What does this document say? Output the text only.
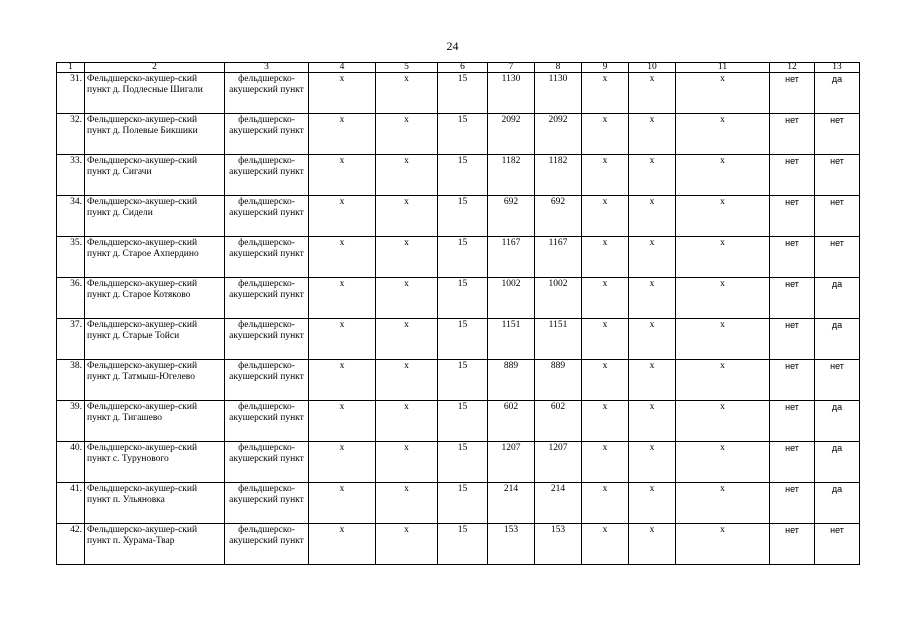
24
1	2	3	4	5	6	7	8	9	10	11	12	13
31.	Фельдшерско-акушер-ский пункт д. Подлесные Шигали	фельдшерско-акушерский пункт	х	х	15	1130	1130	х	х	х	нет	да
32.	Фельдшерско-акушер-ский пункт д. Полевые Бикшики	фельдшерско-акушерский пункт	х	х	15	2092	2092	х	х	х	нет	нет
33.	Фельдшерско-акушер-ский пункт д. Сигачи	фельдшерско-акушерский пункт	х	х	15	1182	1182	х	х	х	нет	нет
34.	Фельдшерско-акушер-ский пункт д. Сидели	фельдшерско-акушерский пункт	х	х	15	692	692	х	х	х	нет	нет
35.	Фельдшерско-акушер-ский пункт д. Старое Ахпердино	фельдшерско-акушерский пункт	х	х	15	1167	1167	х	х	х	нет	нет
36.	Фельдшерско-акушер-ский пункт д. Старое Котяково	фельдшерско-акушерский пункт	х	х	15	1002	1002	х	х	х	нет	да
37.	Фельдшерско-акушер-ский пункт д. Старые Тойси	фельдшерско-акушерский пункт	х	х	15	1151	1151	х	х	х	нет	да
38.	Фельдшерско-акушер-ский пункт д. Татмыш-Югелево	фельдшерско-акушерский пункт	х	х	15	889	889	х	х	х	нет	нет
39.	Фельдшерско-акушер-ский пункт д. Тигашево	фельдшерско-акушерский пункт	х	х	15	602	602	х	х	х	нет	да
40.	Фельдшерско-акушер-ский пункт с. Турунового	фельдшерско-акушерский пункт	х	х	15	1207	1207	х	х	х	нет	да
41.	Фельдшерско-акушер-ский пункт п. Ульяновка	фельдшерско-акушерский пункт	х	х	15	214	214	х	х	х	нет	да
42.	Фельдшерско-акушер-ский пункт п. Хурама-Твар	фельдшерско-акушерский пункт	х	х	15	153	153	х	х	х	нет	нет
